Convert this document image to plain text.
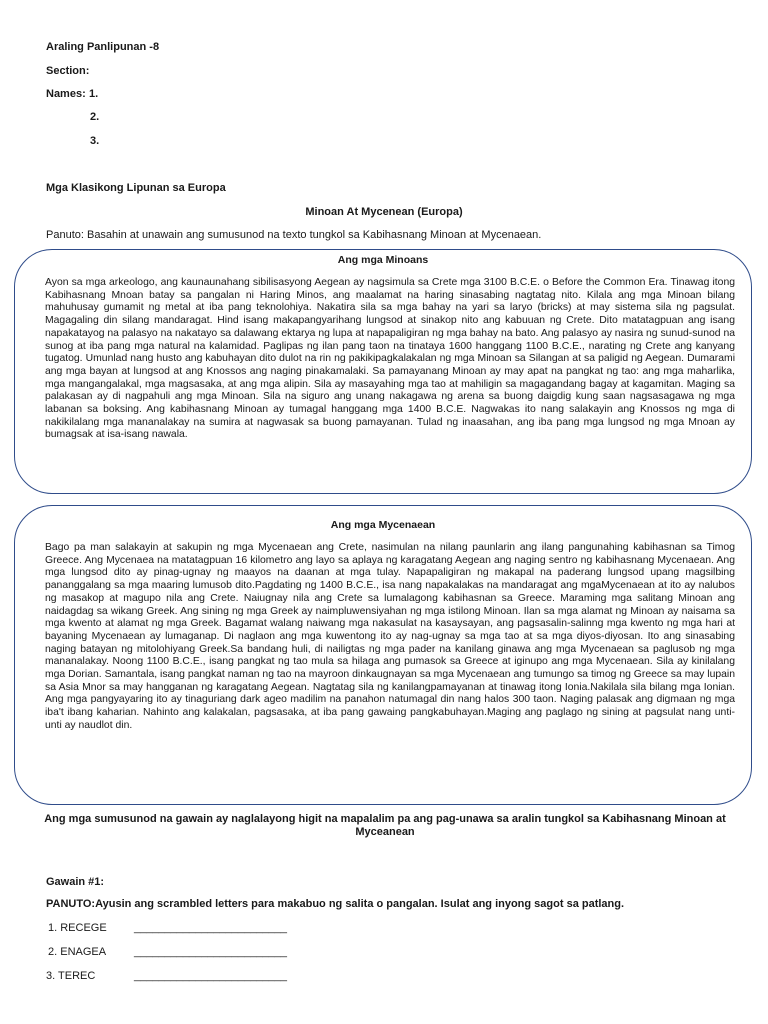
Araling Panlipunan -8
Section:
Names: 1.
2.
3.
Mga Klasikong Lipunan sa Europa
Minoan At Mycenean (Europa)
Panuto: Basahin at unawain ang sumusunod na texto tungkol sa Kabihasnang Minoan at Mycenaean.
Ang mga Minoans
Ayon sa mga arkeologo, ang kaunaunahang sibilisasyong Aegean ay nagsimula sa Crete mga 3100 B.C.E. o Before the Common Era. Tinawag itong Kabihasnang Mnoan batay sa pangalan ni Haring Minos, ang maalamat na haring sinasabing nagtatag nito. Kilala ang mga Minoan bilang mahuhusay gumamit ng metal at iba pang teknolohiya. Nakatira sila sa mga bahay na yari sa laryo (bricks) at may sistema sila ng pagsulat. Magagaling din silang mandaragat. Hind isang makapangyarihang lungsod at sinakop nito ang kabuuan ng Crete. Dito matatagpuan ang isang napakatayog na palasyo na nakatayo sa dalawang ektarya ng lupa at napapaligiran ng mga bahay na bato. Ang palasyo ay nasira ng sunud-sunod na sunog at iba pang mga natural na kalamidad. Paglipas ng ilan pang taon na tinataya 1600 hanggang 1100 B.C.E., narating ng Crete ang kanyang tugatog. Umunlad nang husto ang kabuhayan dito dulot na rin ng pakikipagkalakalan ng mga Minoan sa Silangan at sa paligid ng Aegean. Dumarami ang mga bayan at lungsod at ang Knossos ang naging pinakamalaki. Sa pamayanang Minoan ay may apat na pangkat ng tao: ang mga maharlika, mga mangangalakal, mga magsasaka, at ang mga alipin. Sila ay masayahing mga tao at mahiligin sa magagandang bagay at kagamitan. Maging sa palakasan ay di nagpahuli ang mga Minoan. Sila na siguro ang unang nakagawa ng arena sa buong daigdig kung saan nagsasagawa ng mga labanan sa boksing. Ang kabihasnang Minoan ay tumagal hanggang mga 1400 B.C.E. Nagwakas ito nang salakayin ang Knossos ng mga di nakikilalang mga mananalakay na sumira at nagwasak sa buong pamayanan. Tulad ng inaasahan, ang iba pang mga lungsod ng mga Mnoan ay bumagsak at isa-isang nawala.
Ang mga Mycenaean
Bago pa man salakayin at sakupin ng mga Mycenaean ang Crete, nasimulan na nilang paunlarin ang ilang pangunahing kabihasnan sa Timog Greece. Ang Mycenaea na matatagpuan 16 kilometro ang layo sa aplaya ng karagatang Aegean ang naging sentro ng kabihasnang Mycenaean. Ang mga lungsod dito ay pinag-ugnay ng maayos na daanan at mga tulay. Napapaligiran ng makapal na paderang lungsod upang magsilbing pananggalang sa mga maaring lumusob dito.Pagdating ng 1400 B.C.E., isa nang napakalakas na mandaragat ang mgaMycenaean at ito ay nalubos ng masakop at magupo nila ang Crete. Naiugnay nila ang Crete sa lumalagong kabihasnan sa Greece. Maraming mga salitang Minoan ang naidagdag sa wikang Greek. Ang sining ng mga Greek ay naimpluwensiyahan ng mga istilong Minoan. Ilan sa mga alamat ng Minoan ay naisama sa mga kwento at alamat ng mga Greek. Bagamat walang naiwang mga nakasulat na kasaysayan, ang pagsasalin-salinng mga kwento ng mga hari at bayaning Mycenaean ay lumaganap. Di naglaon ang mga kuwentong ito ay nag-ugnay sa mga tao at sa mga diyos-diyosan. Ito ang sinasabing naging batayan ng mitolohiyang Greek.Sa bandang huli, di nailigtas ng mga pader na kanilang ginawa ang mga Mycenaean sa paglusob ng mga mananalakay. Noong 1100 B.C.E., isang pangkat ng tao mula sa hilaga ang pumasok sa Greece at iginupo ang mga Mycenaean. Sila ay kinilalang mga Dorian. Samantala, isang pangkat naman ng tao na mayroon dinkaugnayan sa mga Mycenaean ang tumungo sa timog ng Greece sa may lupain sa Asia Mnor sa may hangganan ng karagatang Aegean. Nagtatag sila ng kanilangpamayanan at tinawag itong Ionia.Nakilala sila bilang mga Ionian. Ang mga pangyayaring ito ay tinaguriang dark ageo madilim na panahon natumagal din nang halos 300 taon. Naging palasak ang digmaan ng mga iba't ibang kaharian. Nahinto ang kalakalan, pagsasaka, at iba pang gawaing pangkabuhayan.Maging ang paglago ng sining at pagsulat nang unti-unti ay naudlot din.
Ang mga sumusunod na gawain ay naglalayong higit na mapalalim pa ang pag-unawa sa aralin tungkol sa Kabihasnang Minoan at Myceanean
Gawain #1:
PANUTO:Ayusin ang scrambled letters para makabuo ng salita o pangalan. Isulat ang inyong sagot sa patlang.
1. RECEGE _________________________
2. ENAGEA	_________________________
3. TEREC	_________________________
